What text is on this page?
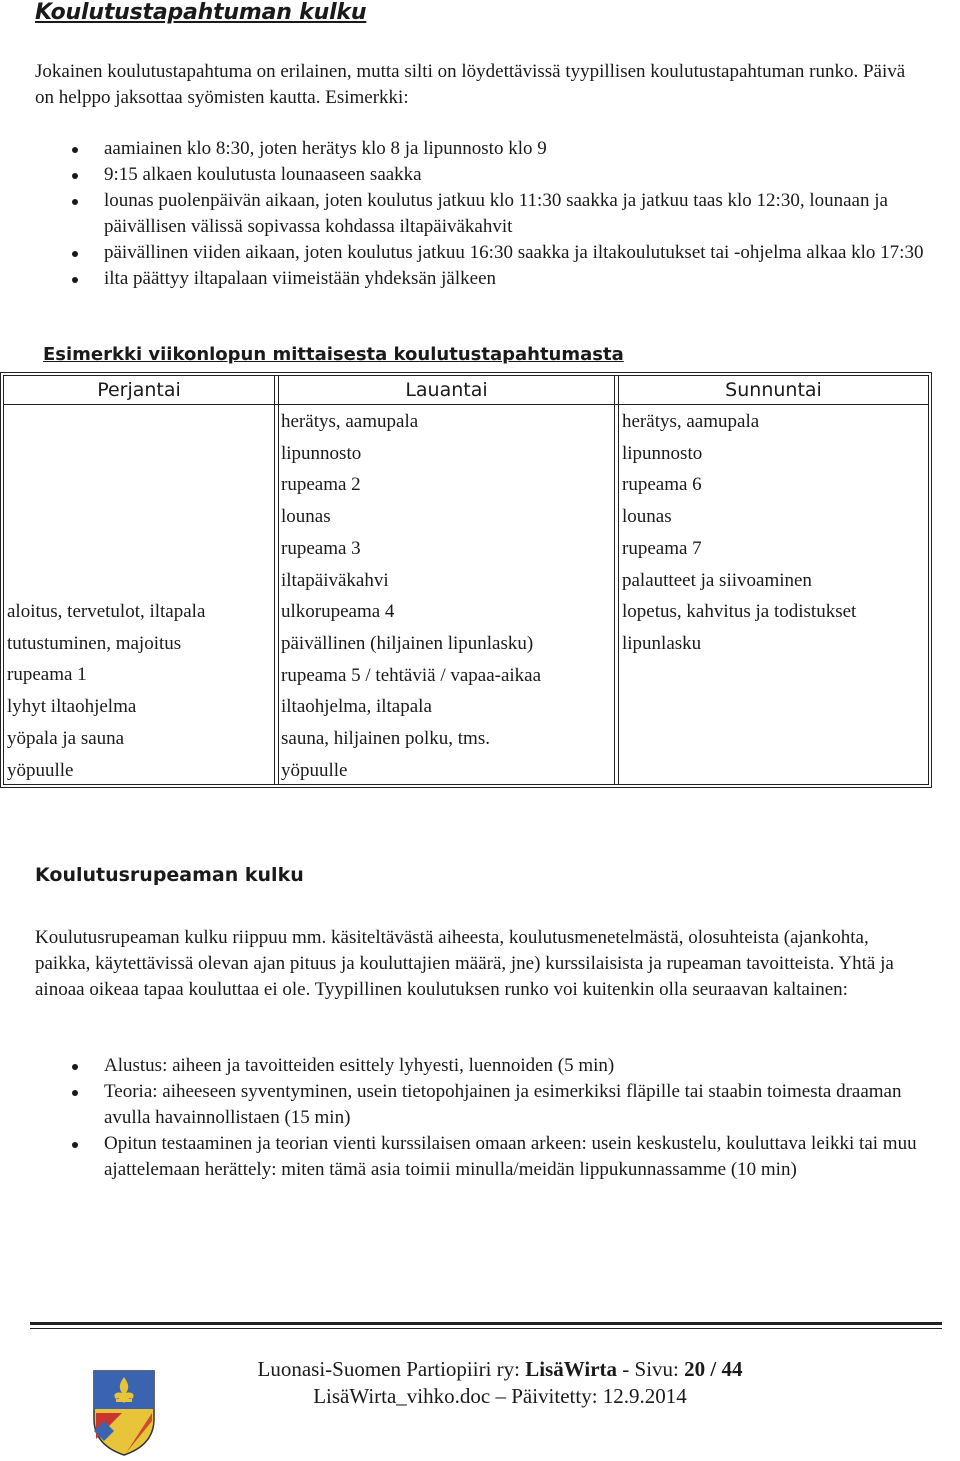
Koulutustapahtuman kulku
Jokainen koulutustapahtuma on erilainen, mutta silti on löydettävissä tyypillisen koulutustapahtuman runko. Päivä on helppo jaksottaa syömisten kautta. Esimerkki:
aamiainen klo 8:30, joten herätys klo 8 ja lipunnosto klo 9
9:15 alkaen koulutusta lounaaseen saakka
lounas puolenpäivän aikaan, joten koulutus jatkuu klo 11:30 saakka ja jatkuu taas klo 12:30, lounaan ja päivällisen välissä sopivassa kohdassa iltapäiväkahvit
päivällinen viiden aikaan, joten koulutus jatkuu 16:30 saakka ja iltakoulutukset tai -ohjelma alkaa klo 17:30
ilta päättyy iltapalaan viimeistään yhdeksän jälkeen
Esimerkki viikonlopun mittaisesta koulutustapahtumasta
Perjantai	Lauantai	Sunnuntai
aloitus, tervetulot, iltapala
tutustuminen, majoitus
rupeama 1
lyhyt iltaohjelma
yöpala ja sauna
yöpuulle
herätys, aamupala
lipunnosto
rupeama 2
lounas
rupeama 3
iltapäiväkahvi
ulkorupeama 4
päivällinen (hiljainen lipunlasku)
rupeama 5 / tehtäviä / vapaa-aikaa
iltaohjelma, iltapala
sauna, hiljainen polku, tms.
yöpuulle
herätys, aamupala
lipunnosto
rupeama 6
lounas
rupeama 7
palautteet ja siivoaminen
lopetus, kahvitus ja todistukset
lipunlasku
Koulutusrupeaman kulku
Koulutusrupeaman kulku riippuu mm. käsiteltävästä aiheesta, koulutusmenetelmästä, olosuhteista (ajankohta, paikka, käytettävissä olevan ajan pituus ja kouluttajien määrä, jne) kurssilaisista ja rupeaman tavoitteista. Yhtä ja ainoaa oikeaa tapaa kouluttaa ei ole. Tyypillinen koulutuksen runko voi kuitenkin olla seuraavan kaltainen:
Alustus: aiheen ja tavoitteiden esittely lyhyesti, luennoiden (5 min)
Teoria: aiheeseen syventyminen, usein tietopohjainen ja esimerkiksi fläpille tai staabin toimesta draaman avulla havainnollistaen (15 min)
Opitun testaaminen ja teorian vienti kurssilaisen omaan arkeen: usein keskustelu, kouluttava leikki tai muu ajattelemaan herättely: miten tämä asia toimii minulla/meidän lippukunnassamme (10 min)
Luonasi-Suomen Partiopiiri ry: LisäWirta - Sivu: 20 / 44
LisäWirta_vihko.doc – Päivitetty: 12.9.2014
